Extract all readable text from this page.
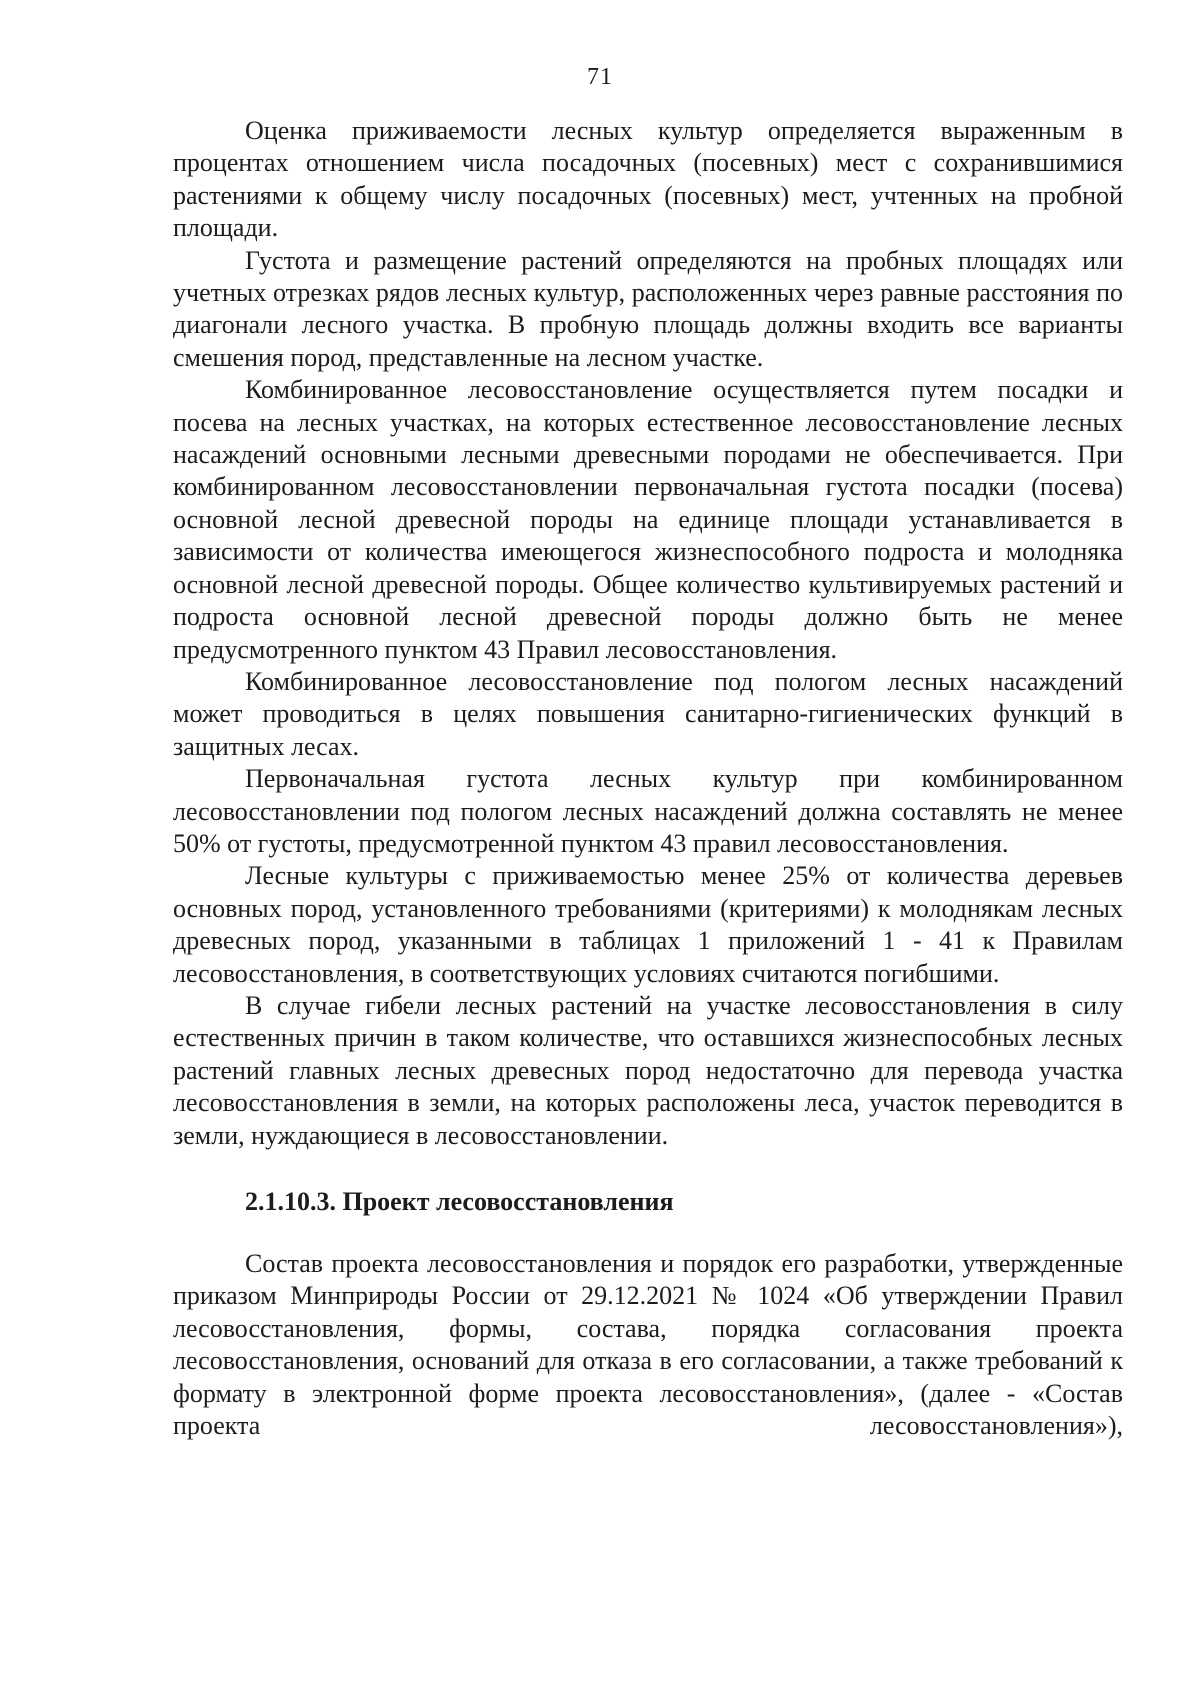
71

Оценка приживаемости лесных культур определяется выраженным в процентах отношением числа посадочных (посевных) мест с сохранившимися растениями к общему числу посадочных (посевных) мест, учтенных на пробной площади.

Густота и размещение растений определяются на пробных площадях или учетных отрезках рядов лесных культур, расположенных через равные расстояния по диагонали лесного участка. В пробную площадь должны входить все варианты смешения пород, представленные на лесном участке.

Комбинированное лесовосстановление осуществляется путем посадки и посева на лесных участках, на которых естественное лесовосстановление лесных насаждений основными лесными древесными породами не обеспечивается. При комбинированном лесовосстановлении первоначальная густота посадки (посева) основной лесной древесной породы на единице площади устанавливается в зависимости от количества имеющегося жизнеспособного подроста и молодняка основной лесной древесной породы. Общее количество культивируемых растений и подроста основной лесной древесной породы должно быть не менее предусмотренного пунктом 43 Правил лесовосстановления.

Комбинированное лесовосстановление под пологом лесных насаждений может проводиться в целях повышения санитарно-гигиенических функций в защитных лесах.

Первоначальная густота лесных культур при комбинированном лесовосстановлении под пологом лесных насаждений должна составлять не менее 50% от густоты, предусмотренной пунктом 43 правил лесовосстановления.

Лесные культуры с приживаемостью менее 25% от количества деревьев основных пород, установленного требованиями (критериями) к молоднякам лесных древесных пород, указанными в таблицах 1 приложений 1 - 41 к Правилам лесовосстановления, в соответствующих условиях считаются погибшими.

В случае гибели лесных растений на участке лесовосстановления в силу естественных причин в таком количестве, что оставшихся жизнеспособных лесных растений главных лесных древесных пород недостаточно для перевода участка лесовосстановления в земли, на которых расположены леса, участок переводится в земли, нуждающиеся в лесовосстановлении.

2.1.10.3. Проект лесовосстановления

Состав проекта лесовосстановления и порядок его разработки, утвержденные приказом Минприроды России от 29.12.2021 № 1024 «Об утверждении Правил лесовосстановления, формы, состава, порядка согласования проекта лесовосстановления, оснований для отказа в его согласовании, а также требований к формату в электронной форме проекта лесовосстановления», (далее - «Состав проекта лесовосстановления»),
